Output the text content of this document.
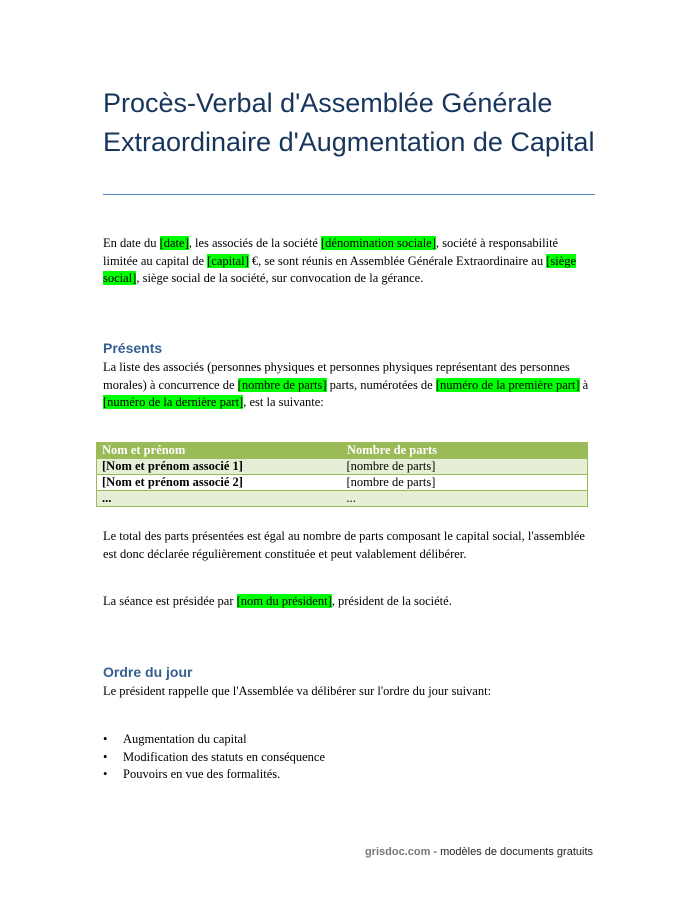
Procès-Verbal d'Assemblée Générale Extraordinaire d'Augmentation de Capital

En date du [date], les associés de la société [dénomination sociale], société à responsabilité limitée au capital de [capital] €, se sont réunis en Assemblée Générale Extraordinaire au [siège social], siège social de la société, sur convocation de la gérance.

Présents

La liste des associés (personnes physiques et personnes physiques représentant des personnes morales) à concurrence de [nombre de parts] parts, numérotées de [numéro de la première part] à [numéro de la dernière part], est la suivante:

Nom et prénom	Nombre de parts
[Nom et prénom associé 1]	[nombre de parts]
[Nom et prénom associé 2]	[nombre de parts]
...	...

Le total des parts présentées est égal au nombre de parts composant le capital social, l'assemblée est donc déclarée régulièrement constituée et peut valablement délibérer.

La séance est présidée par [nom du président], président de la société.

Ordre du jour

Le président rappelle que l'Assemblée va délibérer sur l'ordre du jour suivant:

• Augmentation du capital
• Modification des statuts en conséquence
• Pouvoirs en vue des formalités.
grisdoc.com - modèles de documents gratuits
